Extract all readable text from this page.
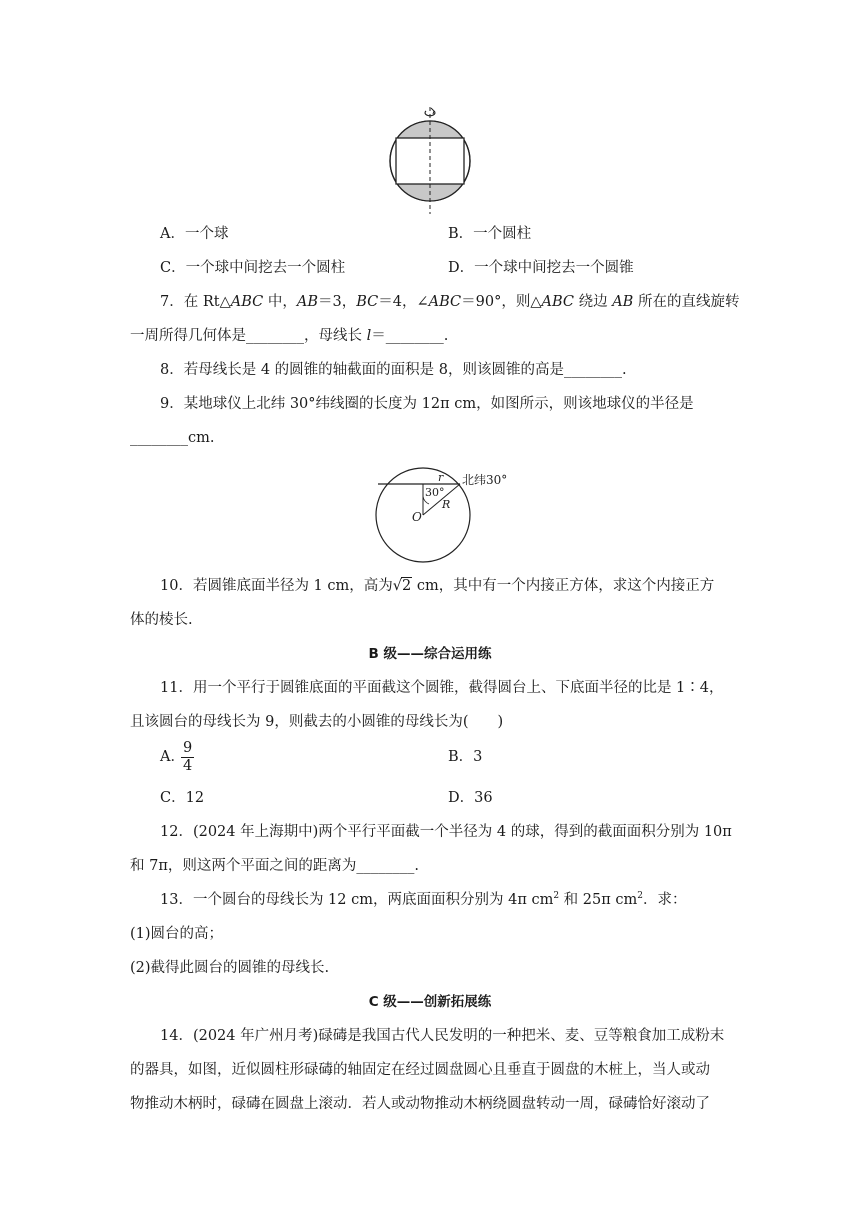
A．一个球	B．一个圆柱
C．一个球中间挖去一个圆柱	D．一个球中间挖去一个圆锥
7．在 Rt△ABC 中，AB＝3，BC＝4，∠ABC＝90°，则△ABC 绕边 AB 所在的直线旋转
一周所得几何体是________，母线长 l＝________.
8．若母线长是 4 的圆锥的轴截面的面积是 8，则该圆锥的高是________.
9．某地球仪上北纬 30°纬线圈的长度为 12π cm，如图所示，则该地球仪的半径是
________cm.
r
30°
R
O
北纬30°
10．若圆锥底面半径为 1 cm，高为√2 cm，其中有一个内接正方体，求这个内接正方
体的棱长.
B 级——综合运用练
11．用一个平行于圆锥底面的平面截这个圆锥，截得圆台上、下底面半径的比是 1∶4，
且该圆台的母线长为 9，则截去的小圆锥的母线长为(　　)
A．
$\frac{9}{4}$	B．3
C．12	D．36
12．(2024 年上海期中)两个平行平面截一个半径为 4 的球，得到的截面面积分别为 10π
和 7π，则这两个平面之间的距离为________.
13．一个圆台的母线长为 12 cm，两底面面积分别为 4π $cm^2$ 和 25π $cm^2$．求：
(1)圆台的高；
(2)截得此圆台的圆锥的母线长.
C 级——创新拓展练
14．(2024 年广州月考)碌碡是我国古代人民发明的一种把米、麦、豆等粮食加工成粉末
的器具，如图，近似圆柱形碌碡的轴固定在经过圆盘圆心且垂直于圆盘的木桩上，当人或动
物推动木柄时，碌碡在圆盘上滚动．若人或动物推动木柄绕圆盘转动一周，碌碡恰好滚动了
